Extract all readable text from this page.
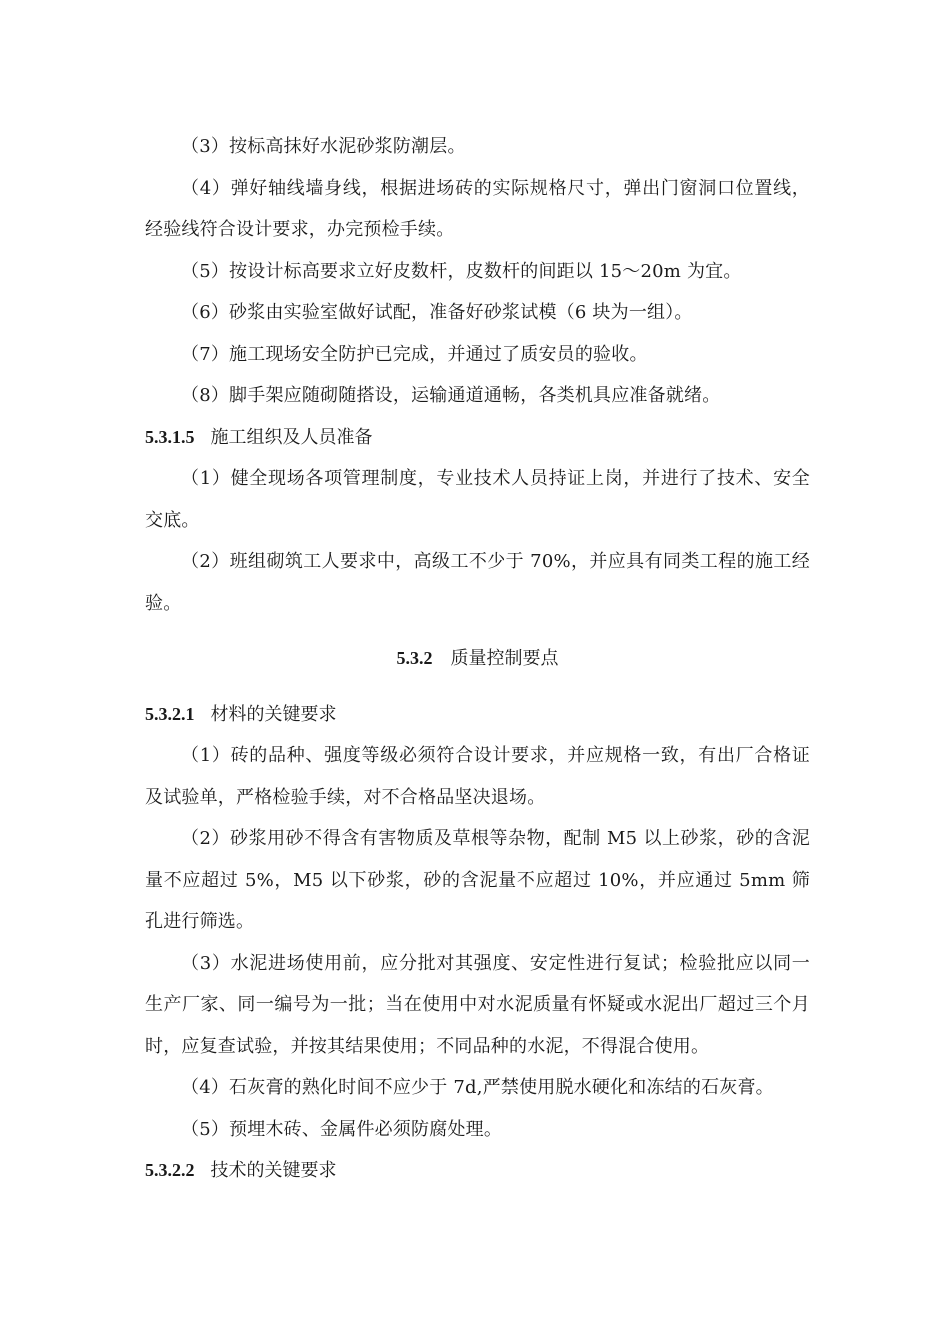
（3）按标高抹好水泥砂浆防潮层。

（4）弹好轴线墙身线，根据进场砖的实际规格尺寸，弹出门窗洞口位置线，经验线符合设计要求，办完预检手续。

（5）按设计标高要求立好皮数杆，皮数杆的间距以 15～20m 为宜。

（6）砂浆由实验室做好试配，准备好砂浆试模（6 块为一组）。

（7）施工现场安全防护已完成，并通过了质安员的验收。

（8）脚手架应随砌随搭设，运输通道通畅，各类机具应准备就绪。

5.3.1.5 施工组织及人员准备

（1）健全现场各项管理制度，专业技术人员持证上岗，并进行了技术、安全交底。

（2）班组砌筑工人要求中，高级工不少于 70%，并应具有同类工程的施工经验。

5.3.2 质量控制要点

5.3.2.1 材料的关键要求

（1）砖的品种、强度等级必须符合设计要求，并应规格一致，有出厂合格证及试验单，严格检验手续，对不合格品坚决退场。

（2）砂浆用砂不得含有害物质及草根等杂物，配制 M5 以上砂浆，砂的含泥量不应超过 5%，M5 以下砂浆，砂的含泥量不应超过 10%，并应通过 5mm 筛孔进行筛选。

（3）水泥进场使用前，应分批对其强度、安定性进行复试；检验批应以同一生产厂家、同一编号为一批；当在使用中对水泥质量有怀疑或水泥出厂超过三个月时，应复查试验，并按其结果使用；不同品种的水泥，不得混合使用。

（4）石灰膏的熟化时间不应少于 7d,严禁使用脱水硬化和冻结的石灰膏。

（5）预埋木砖、金属件必须防腐处理。

5.3.2.2 技术的关键要求
